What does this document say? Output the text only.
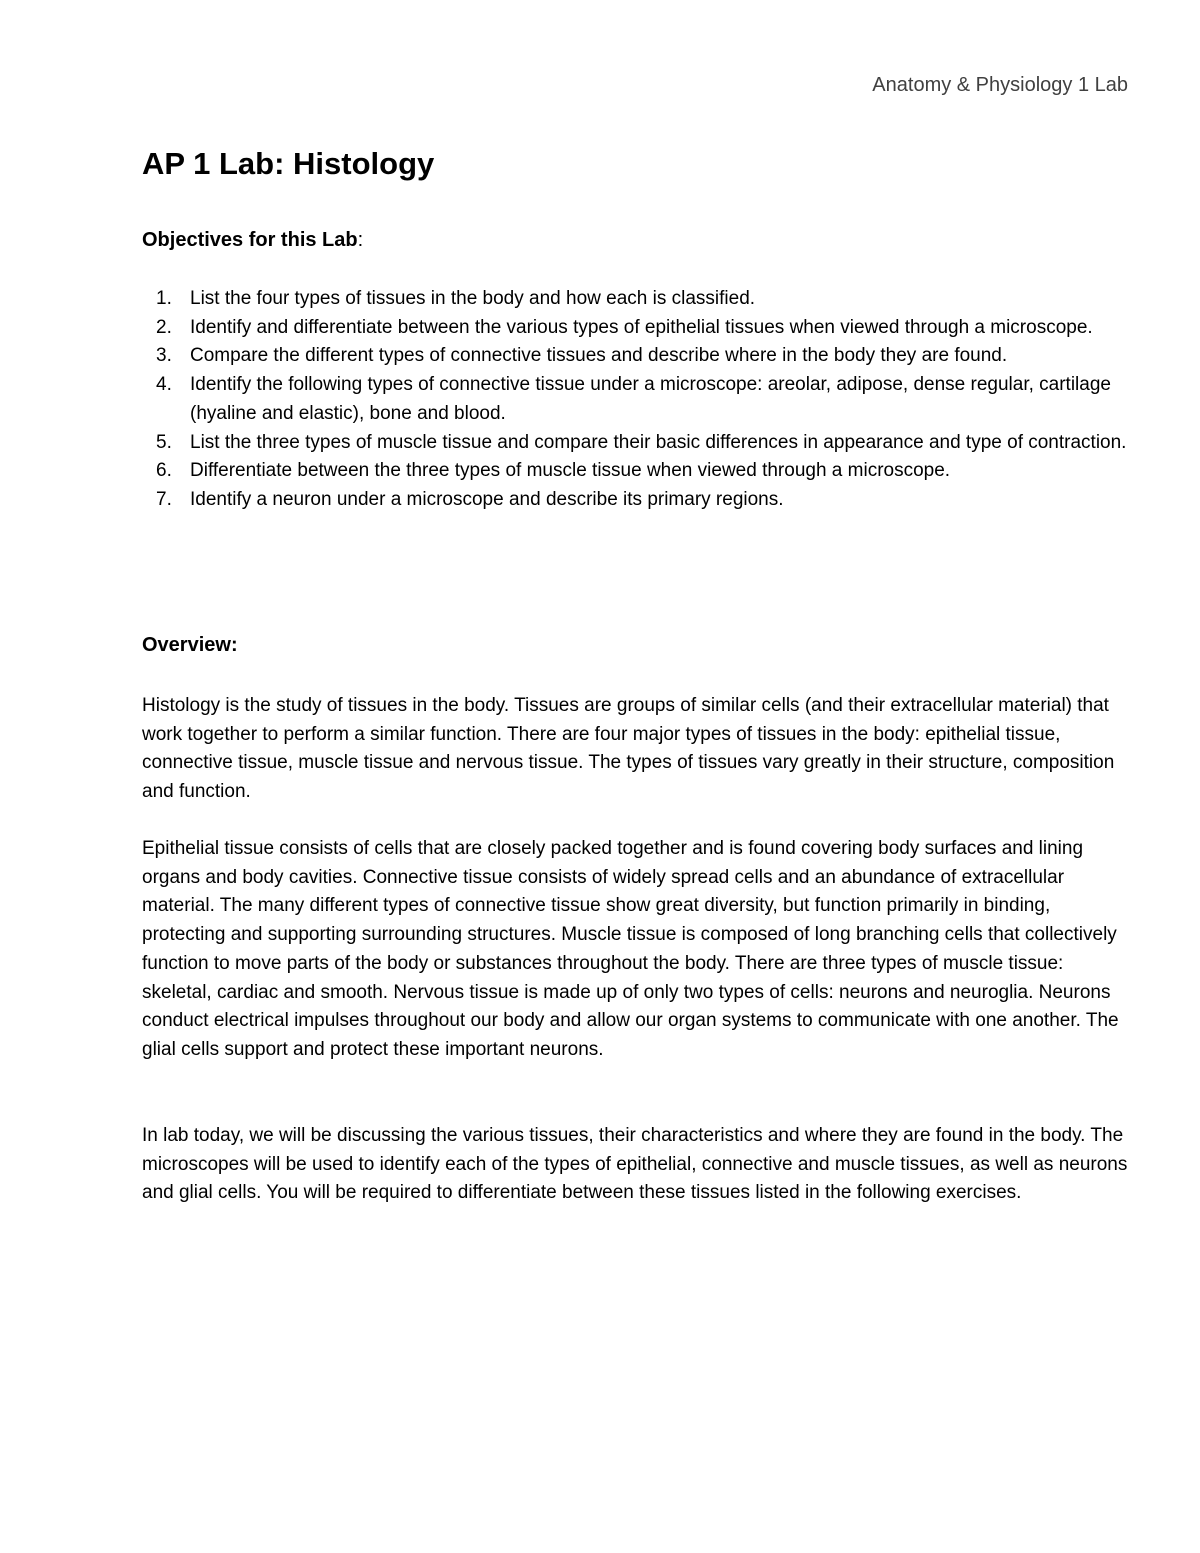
Anatomy & Physiology 1 Lab
AP 1 Lab: Histology
Objectives for this Lab:
1. List the four types of tissues in the body and how each is classified.
2. Identify and differentiate between the various types of epithelial tissues when viewed through a microscope.
3. Compare the different types of connective tissues and describe where in the body they are found.
4. Identify the following types of connective tissue under a microscope: areolar, adipose, dense regular, cartilage (hyaline and elastic), bone and blood.
5. List the three types of muscle tissue and compare their basic differences in appearance and type of contraction.
6. Differentiate between the three types of muscle tissue when viewed through a microscope.
7. Identify a neuron under a microscope and describe its primary regions.
Overview:

Histology is the study of tissues in the body. Tissues are groups of similar cells (and their extracellular material) that work together to perform a similar function. There are four major types of tissues in the body: epithelial tissue, connective tissue, muscle tissue and nervous tissue. The types of tissues vary greatly in their structure, composition and function.

Epithelial tissue consists of cells that are closely packed together and is found covering body surfaces and lining organs and body cavities. Connective tissue consists of widely spread cells and an abundance of extracellular material. The many different types of connective tissue show great diversity, but function primarily in binding, protecting and supporting surrounding structures. Muscle tissue is composed of long branching cells that collectively function to move parts of the body or substances throughout the body. There are three types of muscle tissue: skeletal, cardiac and smooth. Nervous tissue is made up of only two types of cells: neurons and neuroglia. Neurons conduct electrical impulses throughout our body and allow our organ systems to communicate with one another. The glial cells support and protect these important neurons.

In lab today, we will be discussing the various tissues, their characteristics and where they are found in the body. The microscopes will be used to identify each of the types of epithelial, connective and muscle tissues, as well as neurons and glial cells. You will be required to differentiate between these tissues listed in the following exercises.
